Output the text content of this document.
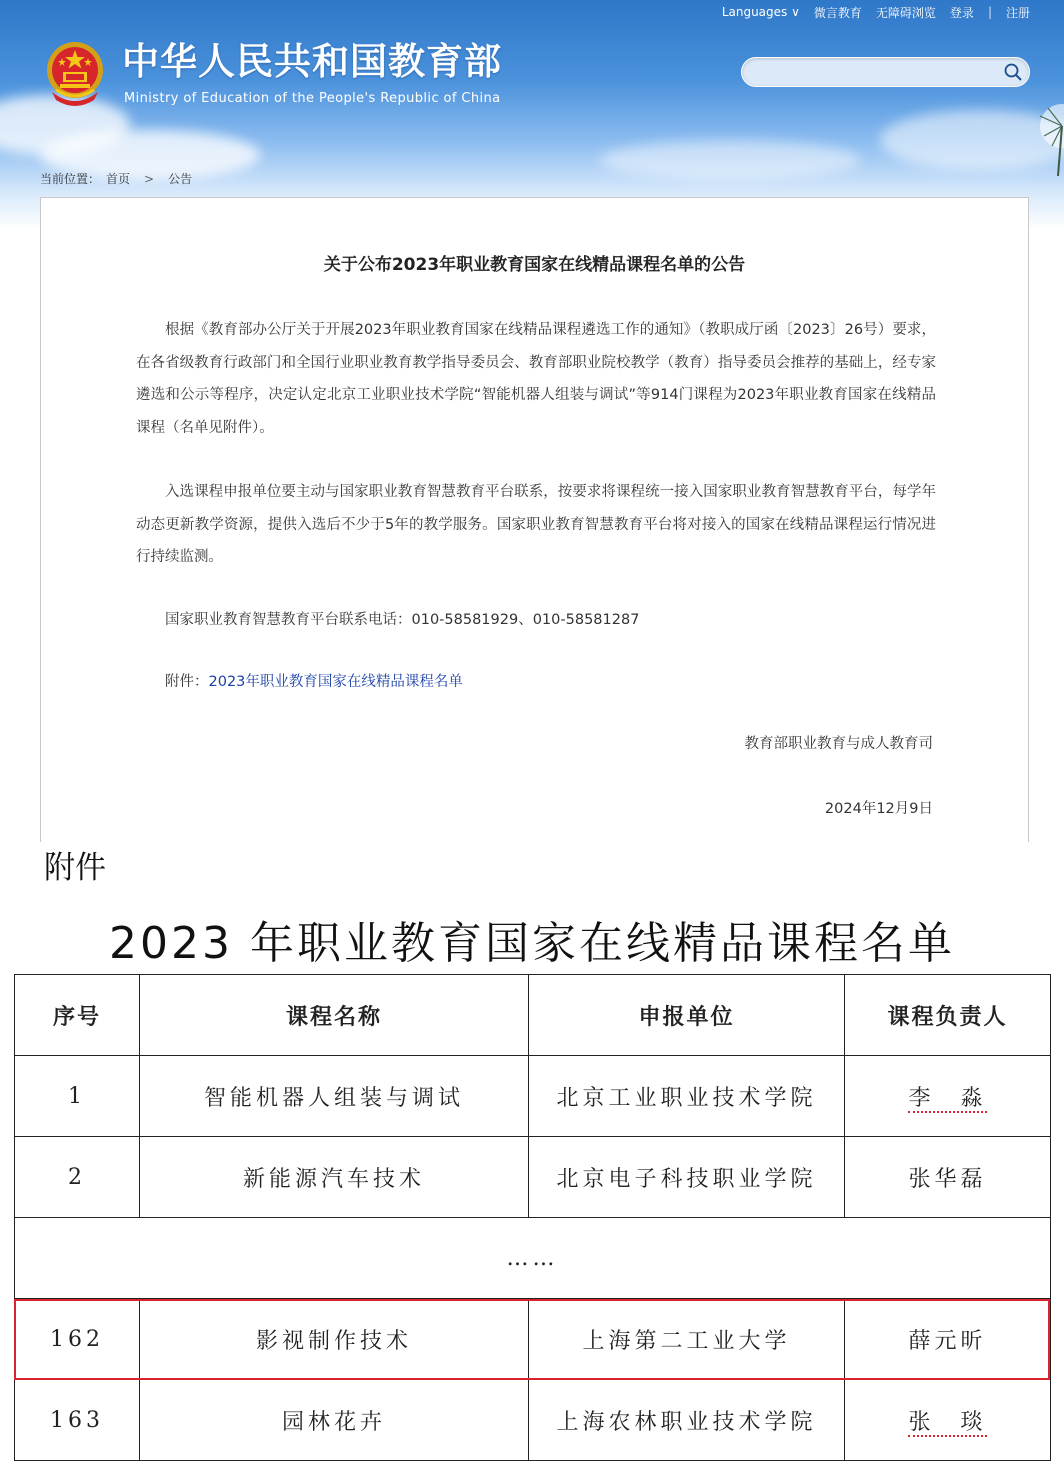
Languages ∨ 微言教育 无障碍浏览 登录 | 注册
中华人民共和国教育部
Ministry of Education of the People's Republic of China
当前位置： 首页 > 公告
关于公布2023年职业教育国家在线精品课程名单的公告

根据《教育部办公厅关于开展2023年职业教育国家在线精品课程遴选工作的通知》（教职成厅函〔2023〕26号）要求，在各省级教育行政部门和全国行业职业教育教学指导委员会、教育部职业院校教学（教育）指导委员会推荐的基础上，经专家遴选和公示等程序，决定认定北京工业职业技术学院“智能机器人组装与调试”等914门课程为2023年职业教育国家在线精品课程（名单见附件）。

入选课程申报单位要主动与国家职业教育智慧教育平台联系，按要求将课程统一接入国家职业教育智慧教育平台，每学年动态更新教学资源，提供入选后不少于5年的教学服务。国家职业教育智慧教育平台将对接入的国家在线精品课程运行情况进行持续监测。

国家职业教育智慧教育平台联系电话：010-58581929、010-58581287

附件：2023年职业教育国家在线精品课程名单

教育部职业教育与成人教育司
2024年12月9日
附件
2023 年职业教育国家在线精品课程名单
序号	课程名称	申报单位	课程负责人
1	智能机器人组装与调试	北京工业职业技术学院	李　淼
2	新能源汽车技术	北京电子科技职业学院	张华磊
……			
162	影视制作技术	上海第二工业大学	薛元昕
163	园林花卉	上海农林职业技术学院	张　琰
